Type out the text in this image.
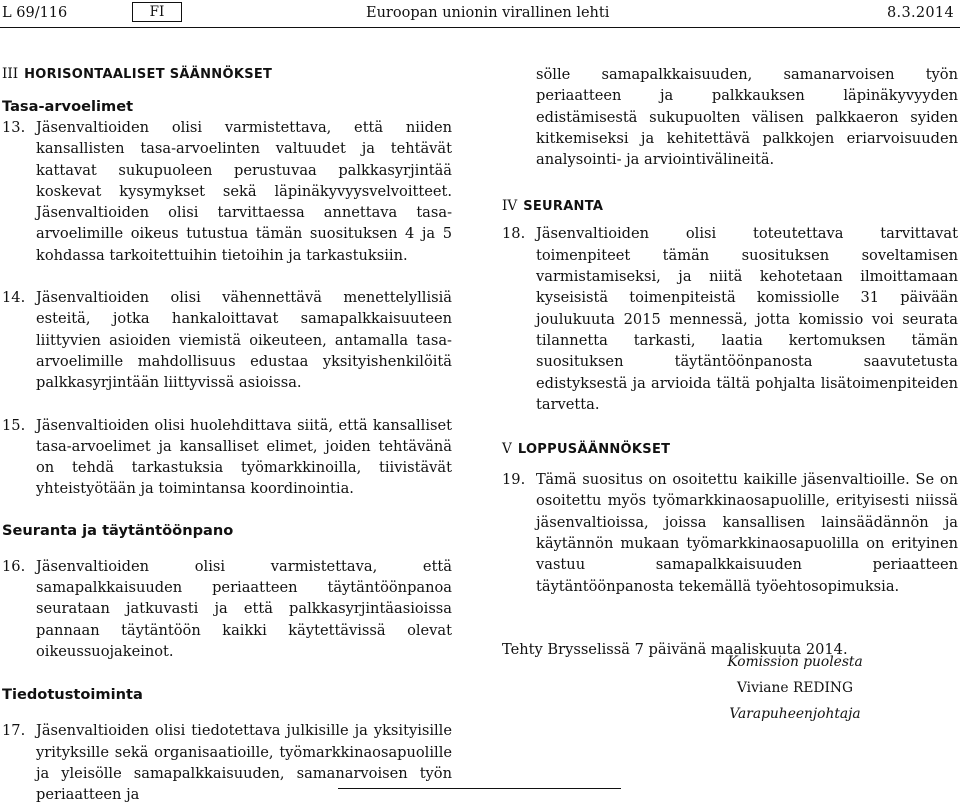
L 69/116	FI	Euroopan unionin virallinen lehti	8.3.2014

III HORISONTAALISET SÄÄNNÖKSET

Tasa-arvoelimet

13. Jäsenvaltioiden olisi varmistettava, että niiden kansallisten tasa-arvoelinten valtuudet ja tehtävät kattavat sukupuoleen perustuvaa palkkasyrjintää koskevat kysymykset sekä läpinäkyvyysvelvoitteet. Jäsenvaltioiden olisi tarvittaessa annettava tasa-arvoelimille oikeus tutustua tämän suosituksen 4 ja 5 kohdassa tarkoitettuihin tietoihin ja tarkastuksiin.

14. Jäsenvaltioiden olisi vähennettävä menettelyllisiä esteitä, jotka hankaloittavat samapalkkaisuuteen liittyvien asioiden viemistä oikeuteen, antamalla tasa-arvoelimille mahdollisuus edustaa yksityishenkilöitä palkkasyrjintään liittyvissä asioissa.

15. Jäsenvaltioiden olisi huolehdittava siitä, että kansalliset tasa-arvoelimet ja kansalliset elimet, joiden tehtävänä on tehdä tarkastuksia työmarkkinoilla, tiivistävät yhteistyötään ja toimintansa koordinointia.

Seuranta ja täytäntöönpano

16. Jäsenvaltioiden olisi varmistettava, että samapalkkaisuuden periaatteen täytäntöönpanoa seurataan jatkuvasti ja että palkkasyrjintäasioissa pannaan täytäntöön kaikki käytettävissä olevat oikeussuojakeinot.

Tiedotustoiminta

17. Jäsenvaltioiden olisi tiedotettava julkisille ja yksityisille yrityksille sekä organisaatioille, työmarkkinaosapuolille ja yleisölle samapalkkaisuuden, samanarvoisen työn periaatteen ja

sölle samapalkkaisuuden, samanarvoisen työn periaatteen ja palkkauksen läpinäkyvyyden edistämisestä sukupuolten välisen palkkaeron syiden kitkemiseksi ja kehitettävä palkkojen eriarvoisuuden analysointi- ja arviointivälineitä.

IV SEURANTA

18. Jäsenvaltioiden olisi toteutettava tarvittavat toimenpiteet tämän suosituksen soveltamisen varmistamiseksi, ja niitä kehotetaan ilmoittamaan kyseisistä toimenpiteistä komissiolle 31 päivään joulukuuta 2015 mennessä, jotta komissio voi seurata tilannetta tarkasti, laatia kertomuksen tämän suosituksen täytäntöönpanosta saavutetusta edistyksestä ja arvioida tältä pohjalta lisätoimenpiteiden tarvetta.

V LOPPUSÄÄNNÖKSET

19. Tämä suositus on osoitettu kaikille jäsenvaltioille. Se on osoitettu myös työmarkkinaosapuolille, erityisesti niissä jäsenvaltioissa, joissa kansallisen lainsäädännön ja käytännön mukaan työmarkkinaosapuolilla on erityinen vastuu samapalkkaisuuden periaatteen täytäntöönpanosta tekemällä työehtosopimuksia.

Tehty Brysselissä 7 päivänä maaliskuuta 2014.

Komission puolesta
Viviane REDING
Varapuheenjohtaja
